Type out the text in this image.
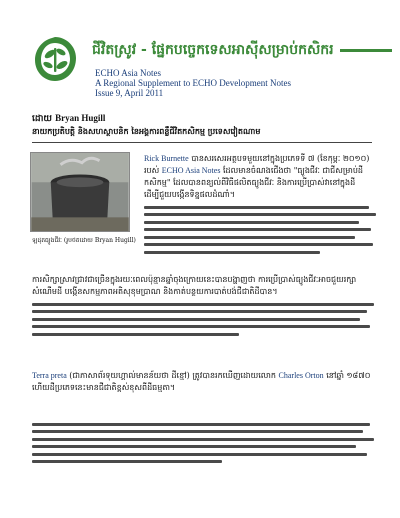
ជីវិតស្រូវ - ផ្នែកបច្ចេកទេសអាស៊ីសម្រាប់កសិករ
ECHO Asia Notes
A Regional Supplement to ECHO Development Notes
Issue 9, April 2011
ដោយ Bryan Hugill
នាយកប្រតិបត្តិ និងសហស្ថាបនិក នៃអង្គការពន្លឺជីវិតកសិកម្ម ប្រទេសវៀតណាម
ឡដុតធ្យូងជីវៈ (រូបថតដោយ Bryan Hugill)
Rick Burnette បានសរសេរអត្ថបទមួយនៅក្នុងប្រភេទទី ៧ (ខែកុម្ភៈ ២០១០) របស់ ECHO Asia Notes ដែលមានចំណងជើងថា "ធ្យូងជីវៈ ជាជីសម្រាប់ដីកសិកម្ម" ដែលបានពន្យល់ពីវិធីផលិតធ្យូងជីវៈ និងការប្រើប្រាស់វានៅក្នុងដីដើម្បីជួយបង្កើនទិន្នផលដំណាំ។
ការសិក្សាស្រាវជ្រាវជាច្រើនក្នុងរយៈពេលប៉ុន្មានឆ្នាំចុងក្រោយនេះបានបង្ហាញថា ការប្រើប្រាស់ធ្យូងជីវៈអាចជួយរក្សាសំណើមដី បង្កើនសកម្មភាពអតិសុខុមប្រាណ និងកាត់បន្ថយការបាត់បង់ជីជាតិដីបាន។
Terra preta (ជាភាសាព័រទុយហ្គាល់មានន័យថា ដីខ្មៅ) ត្រូវបានរកឃើញដោយលោក Charles Orton នៅឆ្នាំ ១៨៧០ ហើយដីប្រភេទនេះមានជីជាតិខ្ពស់ខុសពីដីធម្មតា។
